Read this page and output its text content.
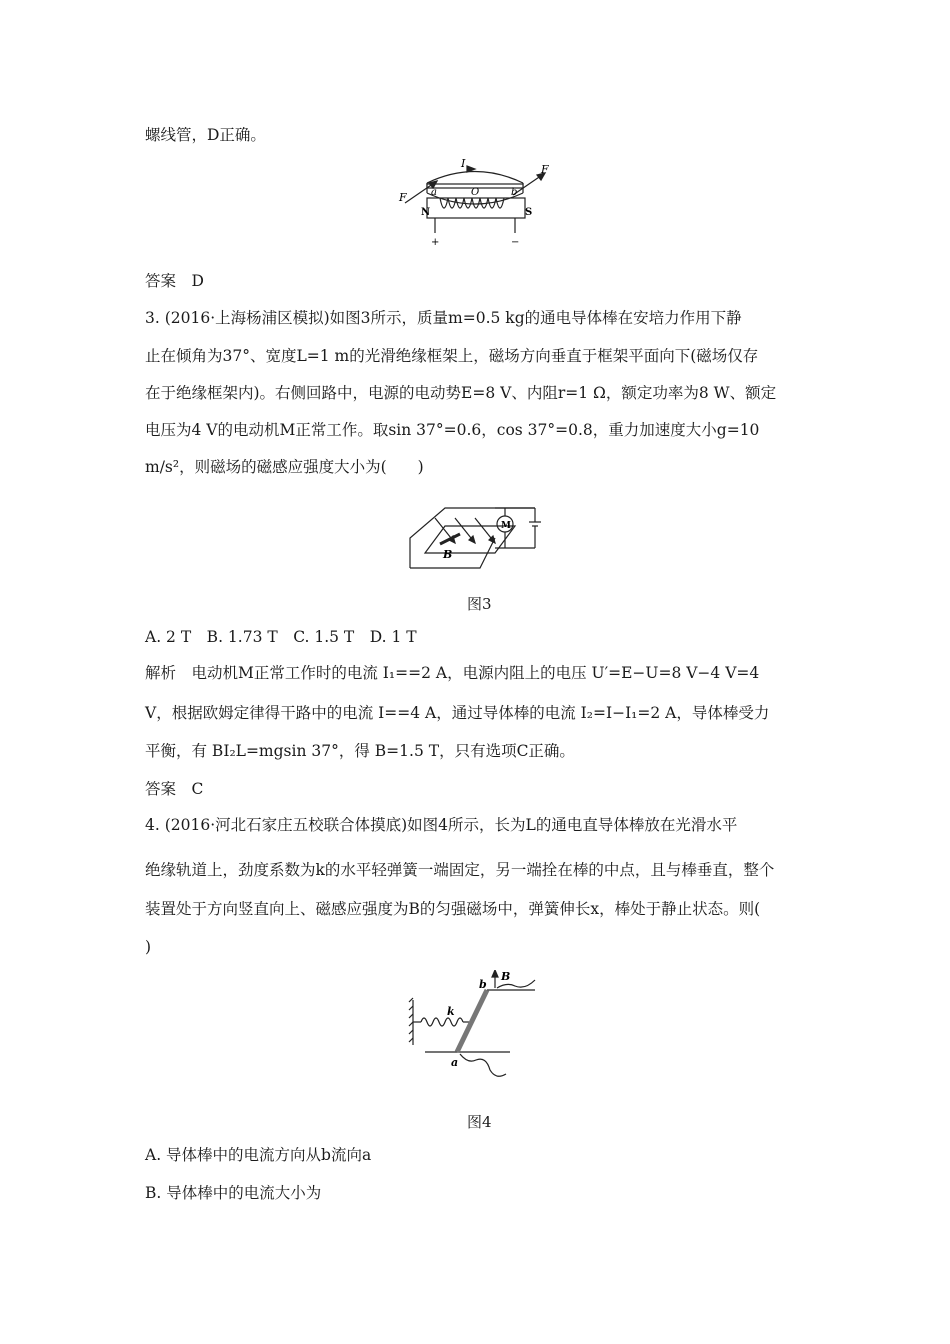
螺线管，D正确。
I
F
F
a	O	b
N	S
+	−
答案　D
3. (2016·上海杨浦区模拟)如图3所示，质量m=0.5 kg的通电导体棒在安培力作用下静
止在倾角为37°、宽度L=1 m的光滑绝缘框架上，磁场方向垂直于框架平面向下(磁场仅存
在于绝缘框架内)。右侧回路中，电源的电动势E=8 V、内阻r=1 Ω，额定功率为8 W、额定
电压为4 V的电动机M正常工作。取sin 37°=0.6，cos 37°=0.8，重力加速度大小g=10
m/s²，则磁场的磁感应强度大小为(　　)
M
B
图3
A. 2 T　B. 1.73 T　C. 1.5 T　D. 1 T
解析　电动机M正常工作时的电流 I₁==2 A，电源内阻上的电压 U′=E−U=8 V−4 V=4
V，根据欧姆定律得干路中的电流 I==4 A，通过导体棒的电流 I₂=I−I₁=2 A，导体棒受力
平衡，有 BI₂L=mgsin 37°，得 B=1.5 T，只有选项C正确。
答案　C
4. (2016·河北石家庄五校联合体摸底)如图4所示，长为L的通电直导体棒放在光滑水平
绝缘轨道上，劲度系数为k的水平轻弹簧一端固定，另一端拴在棒的中点，且与棒垂直，整个
装置处于方向竖直向上、磁感应强度为B的匀强磁场中，弹簧伸长x，棒处于静止状态。则(
)
k
b
a
B
图4
A. 导体棒中的电流方向从b流向a
B. 导体棒中的电流大小为
